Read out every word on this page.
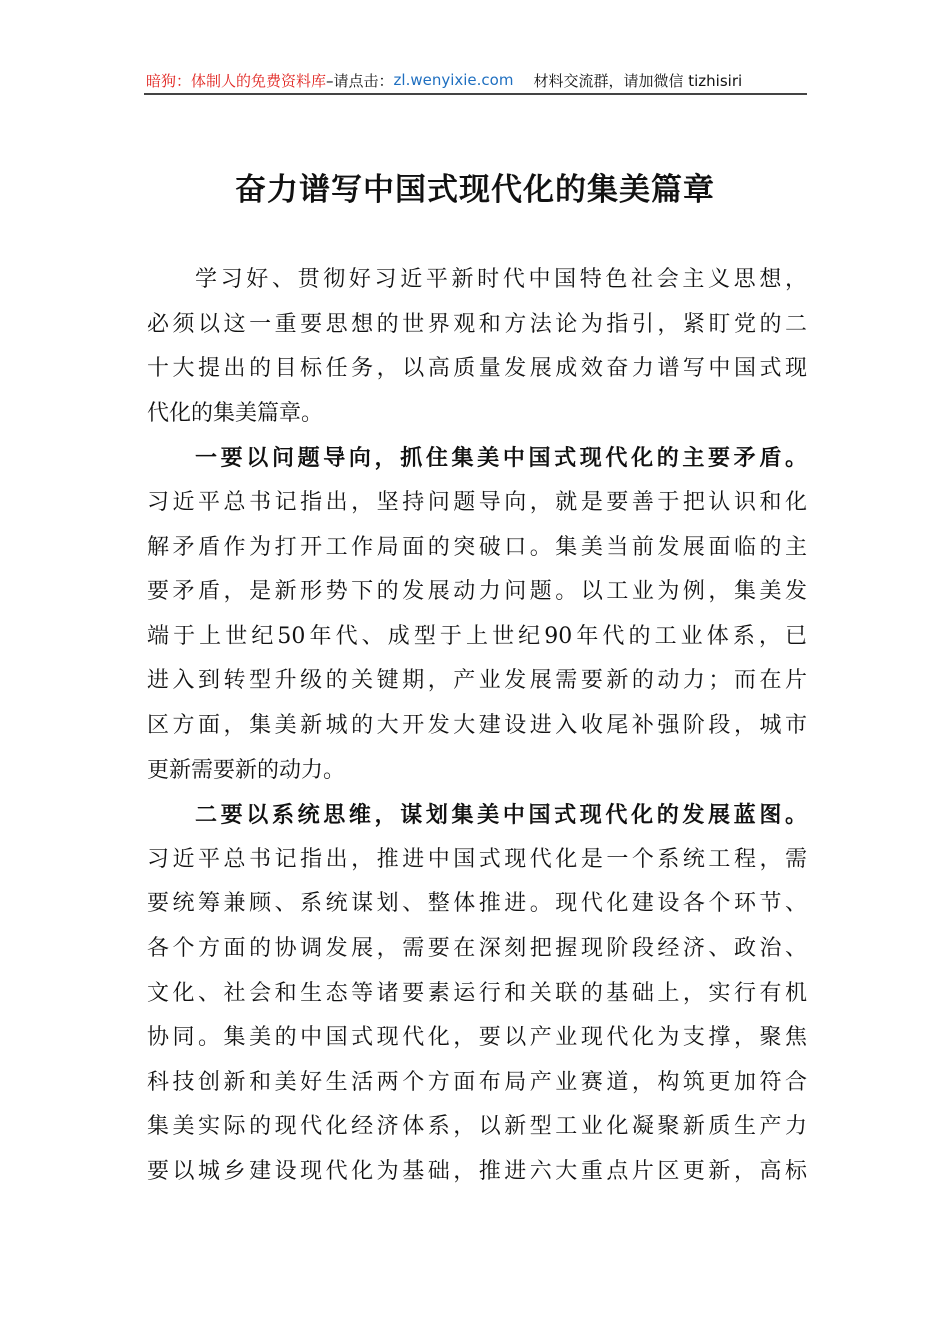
暗狗：体制人的免费资料库 –请点击： zl.wenyixie.com 材料交流群，请加微信 tizhisiri
奋力谱写中国式现代化的集美篇章
学习好、贯彻好习近平新时代中国特色社会主义思想，
必须以这一重要思想的世界观和方法论为指引，紧盯党的二
十大提出的目标任务，以高质量发展成效奋力谱写中国式现
代化的集美篇章。
一要以问题导向，抓住集美中国式现代化的主要矛盾。
习近平总书记指出，坚持问题导向，就是要善于把认识和化
解矛盾作为打开工作局面的突破口。集美当前发展面临的主
要矛盾，是新形势下的发展动力问题。以工业为例，集美发
端于上世纪50年代、成型于上世纪90年代的工业体系，已
进入到转型升级的关键期，产业发展需要新的动力；而在片
区方面，集美新城的大开发大建设进入收尾补强阶段，城市
更新需要新的动力。
二要以系统思维，谋划集美中国式现代化的发展蓝图。
习近平总书记指出，推进中国式现代化是一个系统工程，需
要统筹兼顾、系统谋划、整体推进。现代化建设各个环节、
各个方面的协调发展，需要在深刻把握现阶段经济、政治、
文化、社会和生态等诸要素运行和关联的基础上，实行有机
协同。集美的中国式现代化，要以产业现代化为支撑，聚焦
科技创新和美好生活两个方面布局产业赛道，构筑更加符合
集美实际的现代化经济体系，以新型工业化凝聚新质生产力
要以城乡建设现代化为基础，推进六大重点片区更新，高标
